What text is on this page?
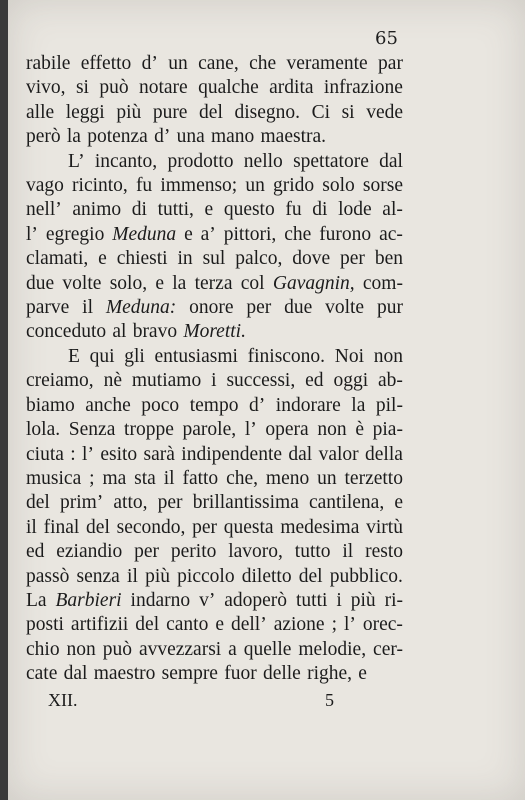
65
rabile effetto d’ un cane, che veramente par
vivo, si può notare qualche ardita infrazione
alle leggi più pure del disegno. Ci si vede
però la potenza d’ una mano maestra.
L’ incanto, prodotto nello spettatore dal
vago ricinto, fu immenso; un grido solo sorse
nell’ animo di tutti, e questo fu di lode al-
l’ egregio Meduna e a’ pittori, che furono ac-
clamati, e chiesti in sul palco, dove per ben
due volte solo, e la terza col Gavagnin, com-
parve il Meduna: onore per due volte pur
conceduto al bravo Moretti.
E qui gli entusiasmi finiscono. Noi non
creiamo, nè mutiamo i successi, ed oggi ab-
biamo anche poco tempo d’ indorare la pil-
lola. Senza troppe parole, l’ opera non è pia-
ciuta : l’ esito sarà indipendente dal valor della
musica ; ma sta il fatto che, meno un terzetto
del prim’ atto, per brillantissima cantilena, e
il final del secondo, per questa medesima virtù
ed eziandio per perito lavoro, tutto il resto
passò senza il più piccolo diletto del pubblico.
La Barbieri indarno v’ adoperò tutti i più ri-
posti artifizii del canto e dell’ azione ; l’ orec-
chio non può avvezzarsi a quelle melodie, cer-
cate dal maestro sempre fuor delle righe, e
XII.	5
